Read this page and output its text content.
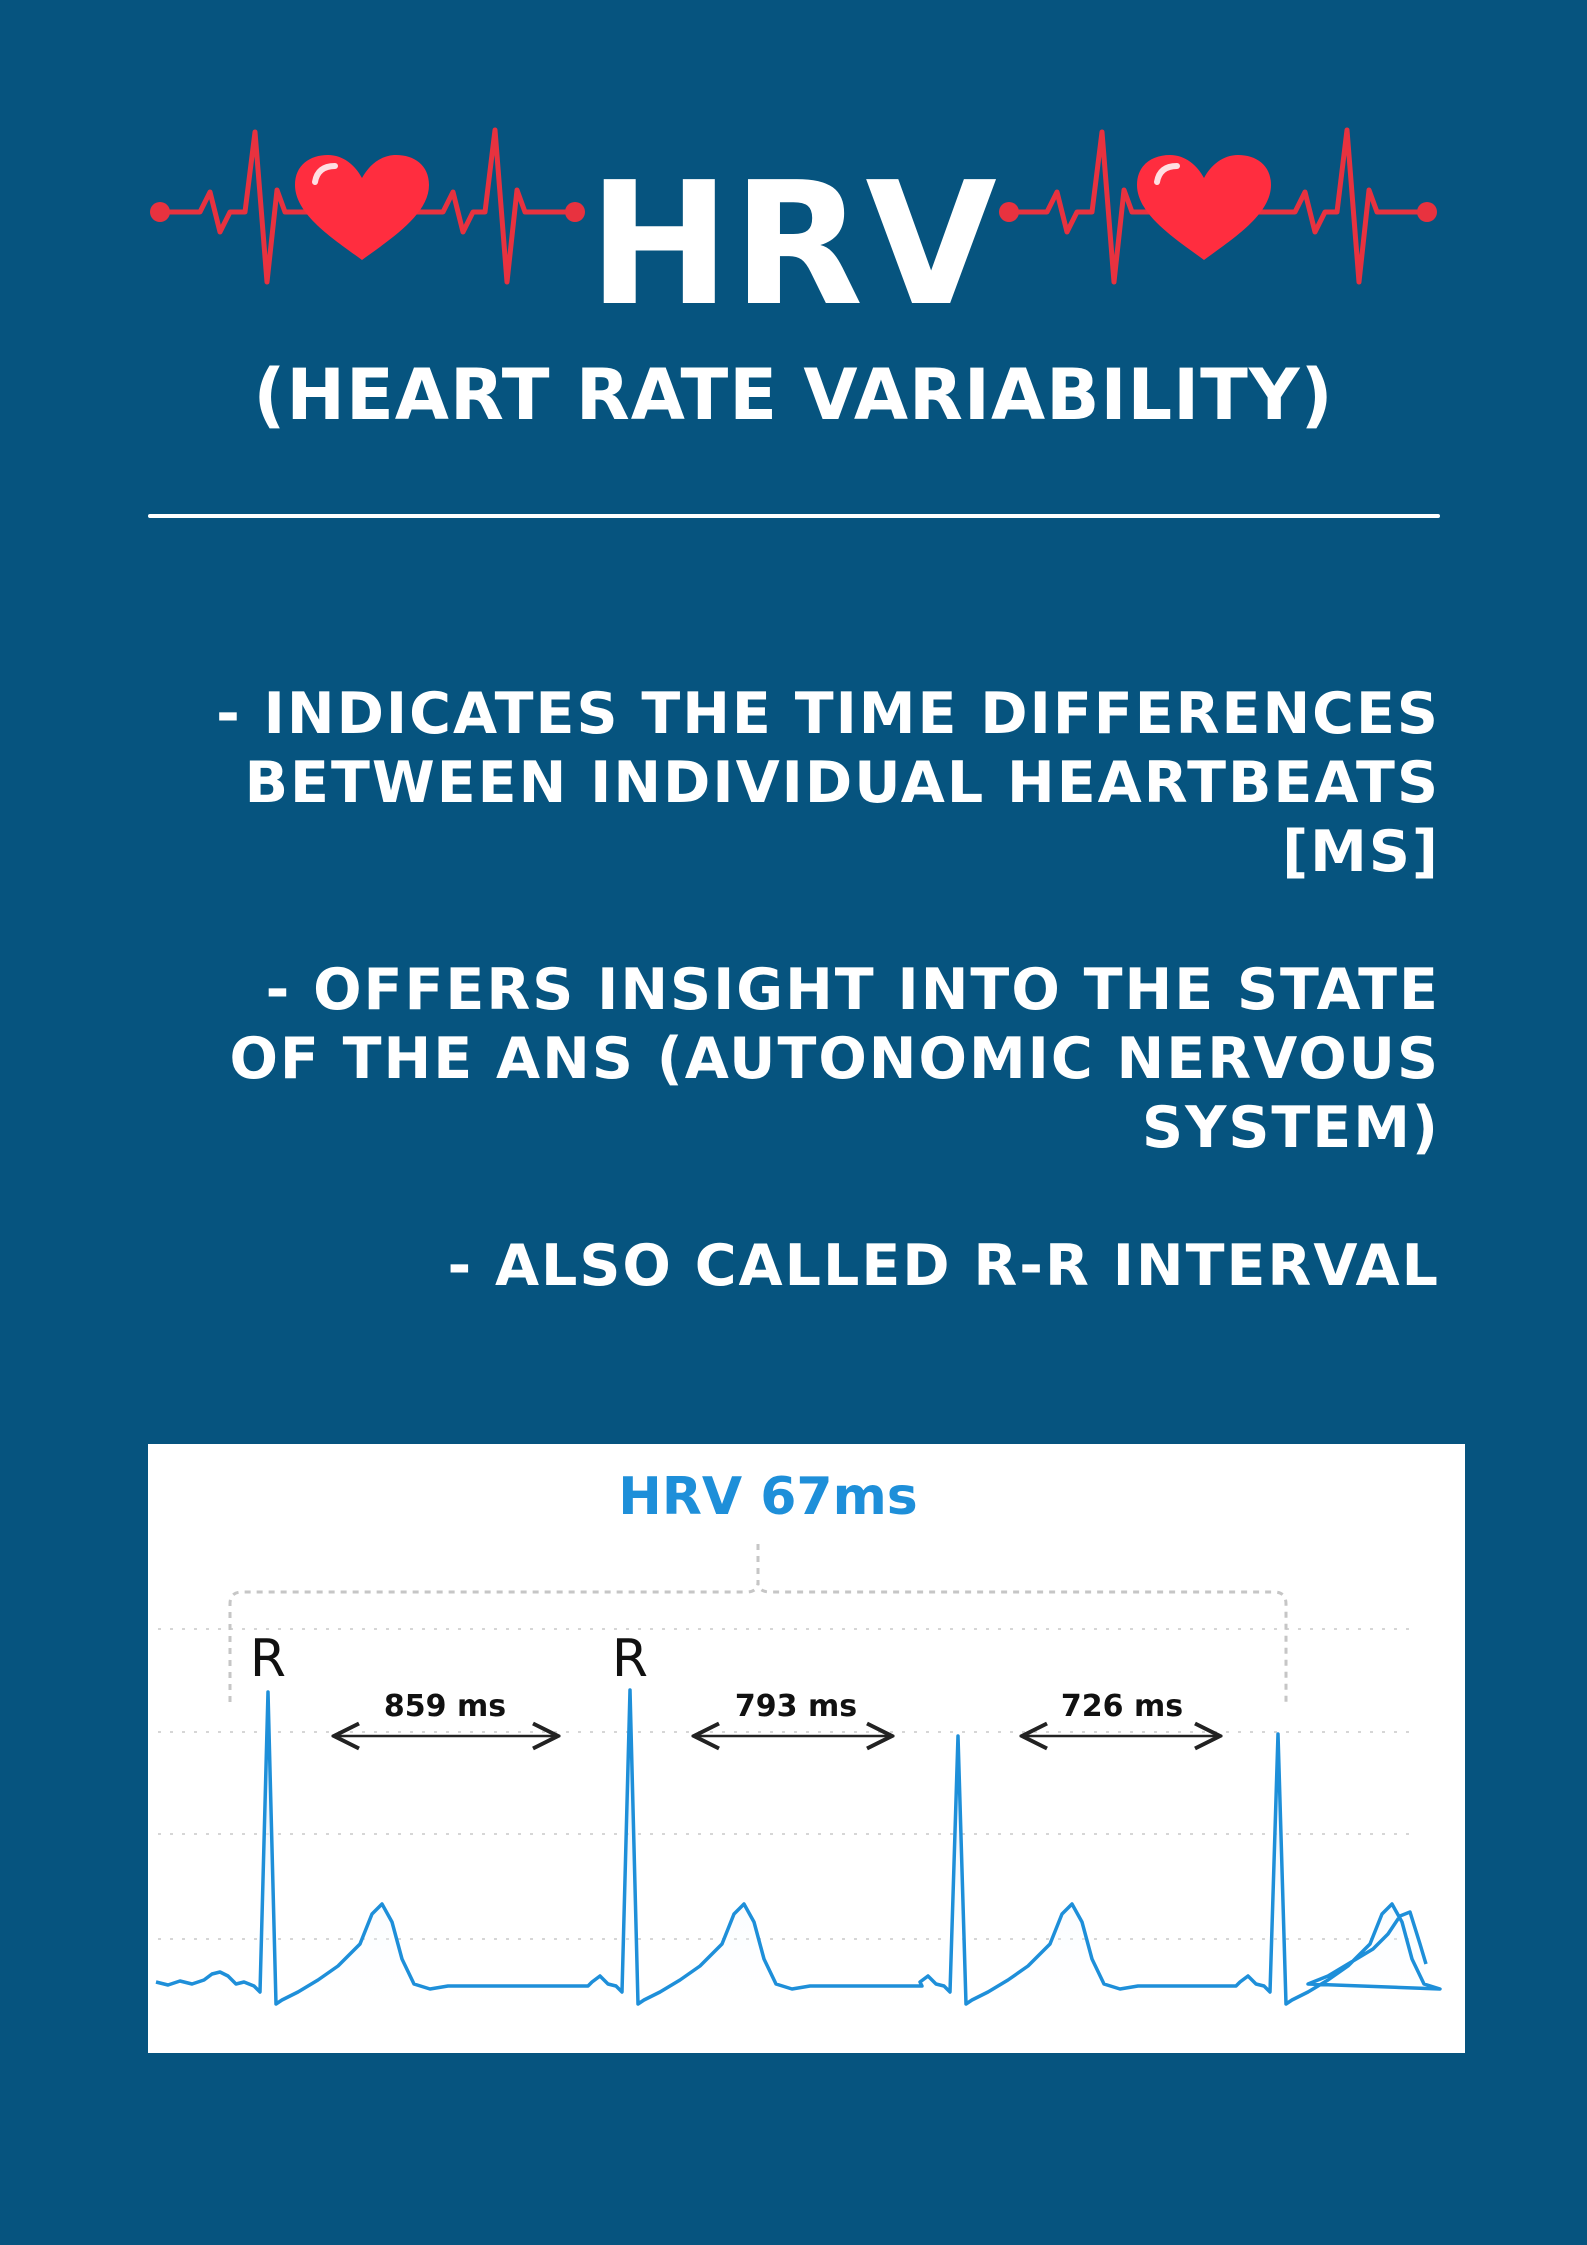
HRV
(HEART RATE VARIABILITY)

- INDICATES THE TIME DIFFERENCES BETWEEN INDIVIDUAL HEARTBEATS [MS]

- OFFERS INSIGHT INTO THE STATE OF THE ANS (AUTONOMIC NERVOUS SYSTEM)

- ALSO CALLED R-R INTERVAL

HRV 67ms
R	R
859 ms	793 ms	726 ms
